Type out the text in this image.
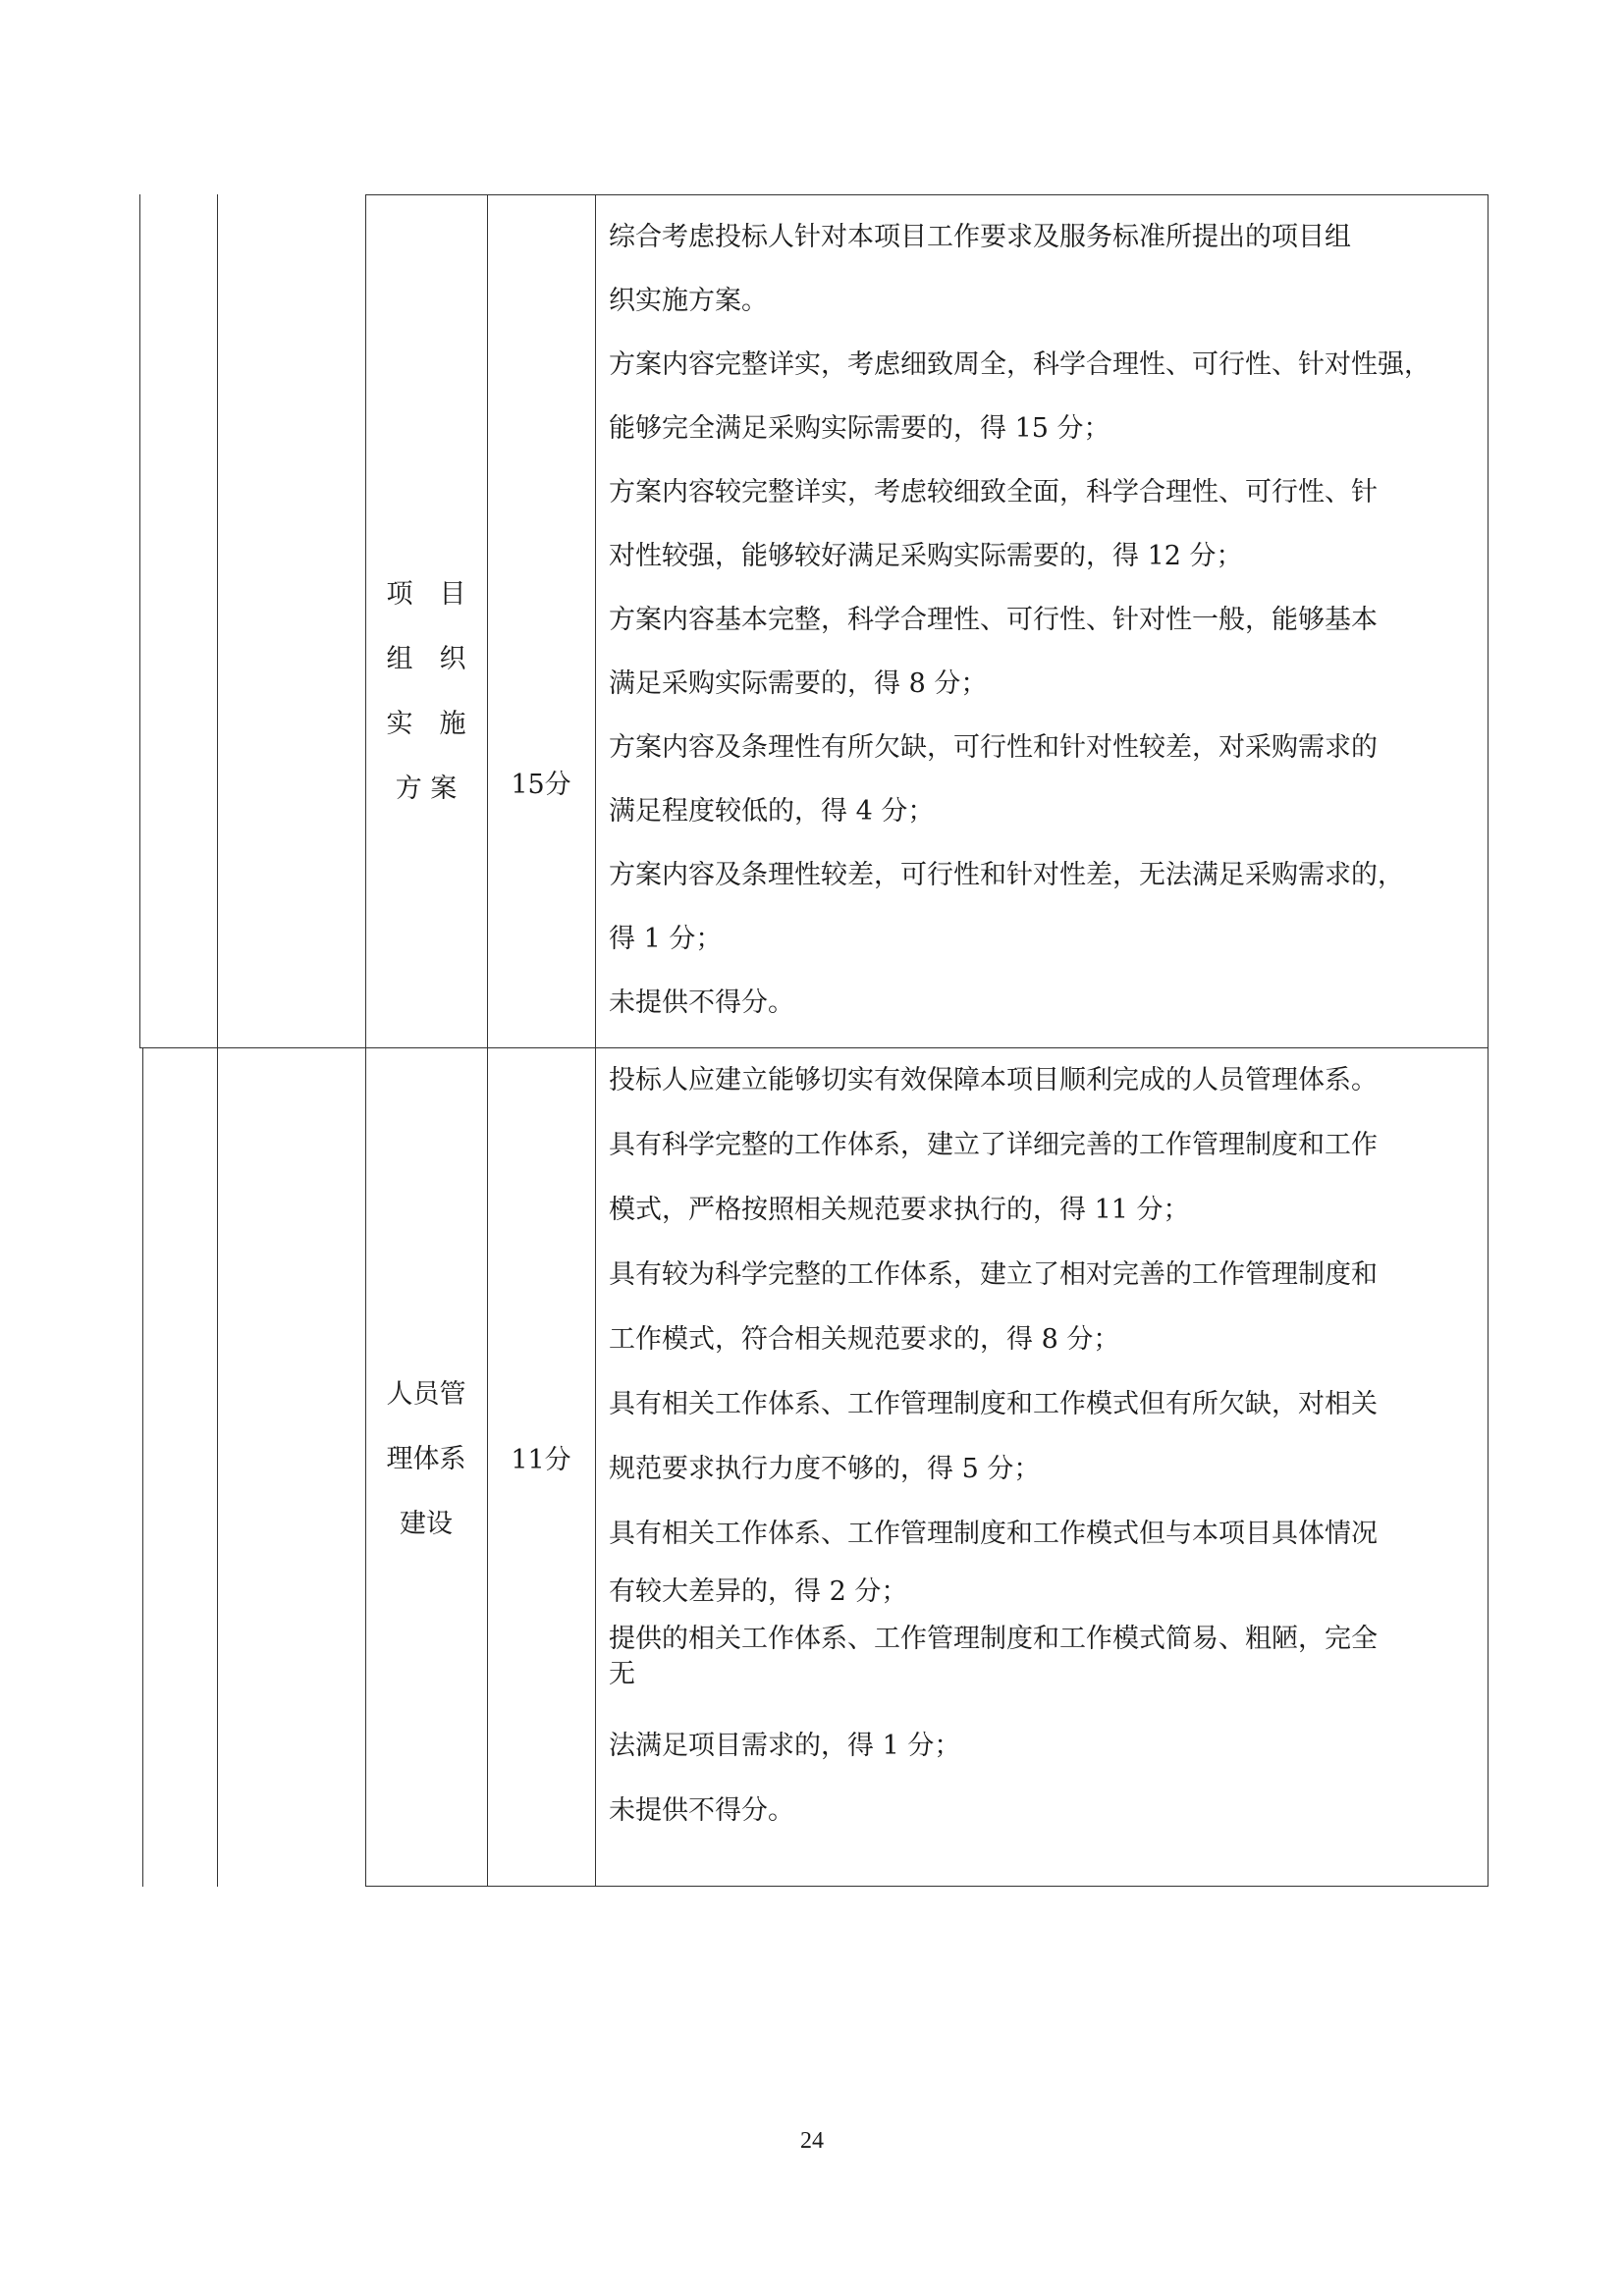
项　目
组　织
实　施
方 案	15分

综合考虑投标人针对本项目工作要求及服务标准所提出的项目组

织实施方案。

方案内容完整详实，考虑细致周全，科学合理性、可行性、针对性强，

能够完全满足采购实际需要的，得 15 分；

方案内容较完整详实，考虑较细致全面，科学合理性、可行性、针

对性较强，能够较好满足采购实际需要的，得 12 分；

方案内容基本完整，科学合理性、可行性、针对性一般，能够基本

满足采购实际需要的，得 8 分；

方案内容及条理性有所欠缺，可行性和针对性较差，对采购需求的

满足程度较低的，得 4 分；

方案内容及条理性较差，可行性和针对性差，无法满足采购需求的，

得 1 分；

未提供不得分。

人员管
理体系
建设
11分

投标人应建立能够切实有效保障本项目顺利完成的人员管理体系。

具有科学完整的工作体系，建立了详细完善的工作管理制度和工作

模式，严格按照相关规范要求执行的，得 11 分；

具有较为科学完整的工作体系，建立了相对完善的工作管理制度和

工作模式，符合相关规范要求的，得 8 分；

具有相关工作体系、工作管理制度和工作模式但有所欠缺，对相关

规范要求执行力度不够的，得 5 分；

具有相关工作体系、工作管理制度和工作模式但与本项目具体情况

有较大差异的，得 2 分；

提供的相关工作体系、工作管理制度和工作模式简易、粗陋，完全

无

法满足项目需求的，得 1 分；

未提供不得分。

24
